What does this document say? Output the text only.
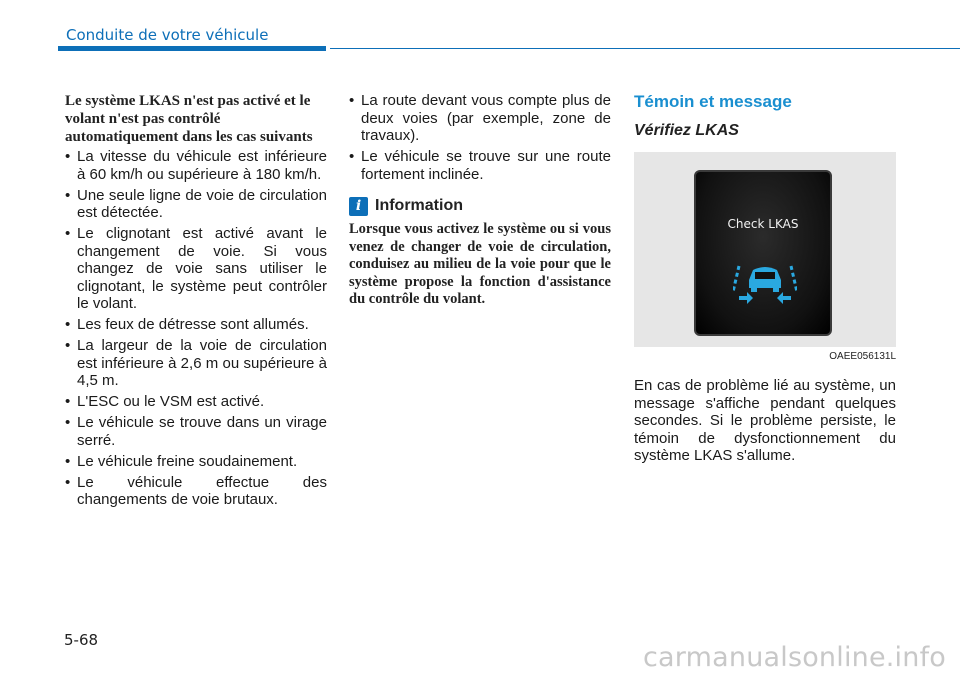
Conduite de votre véhicule
Le système LKAS n'est pas activé et le volant n'est pas contrôlé automatiquement dans les cas suivants
• La vitesse du véhicule est inférieure à 60 km/h ou supérieure à 180 km/h.
• Une seule ligne de voie de circulation est détectée.
• Le clignotant est activé avant le changement de voie. Si vous changez de voie sans utiliser le clignotant, le système peut contrôler le volant.
• Les feux de détresse sont allumés.
• La largeur de la voie de circulation est inférieure à 2,6 m ou supérieure à 4,5 m.
• L'ESC ou le VSM est activé.
• Le véhicule se trouve dans un virage serré.
• Le véhicule freine soudainement.
• Le véhicule effectue des changements de voie brutaux.
• La route devant vous compte plus de deux voies (par exemple, zone de travaux).
• Le véhicule se trouve sur une route fortement inclinée.
i Information
Lorsque vous activez le système ou si vous venez de changer de voie de circulation, conduisez au milieu de la voie pour que le système propose la fonction d'assistance du contrôle du volant.
Témoin et message
Vérifiez LKAS
Check LKAS
OAEE056131L
En cas de problème lié au système, un message s'affiche pendant quelques secondes. Si le problème persiste, le témoin de dysfonctionnement du système LKAS s'allume.
5-68
carmanualsonline.info
